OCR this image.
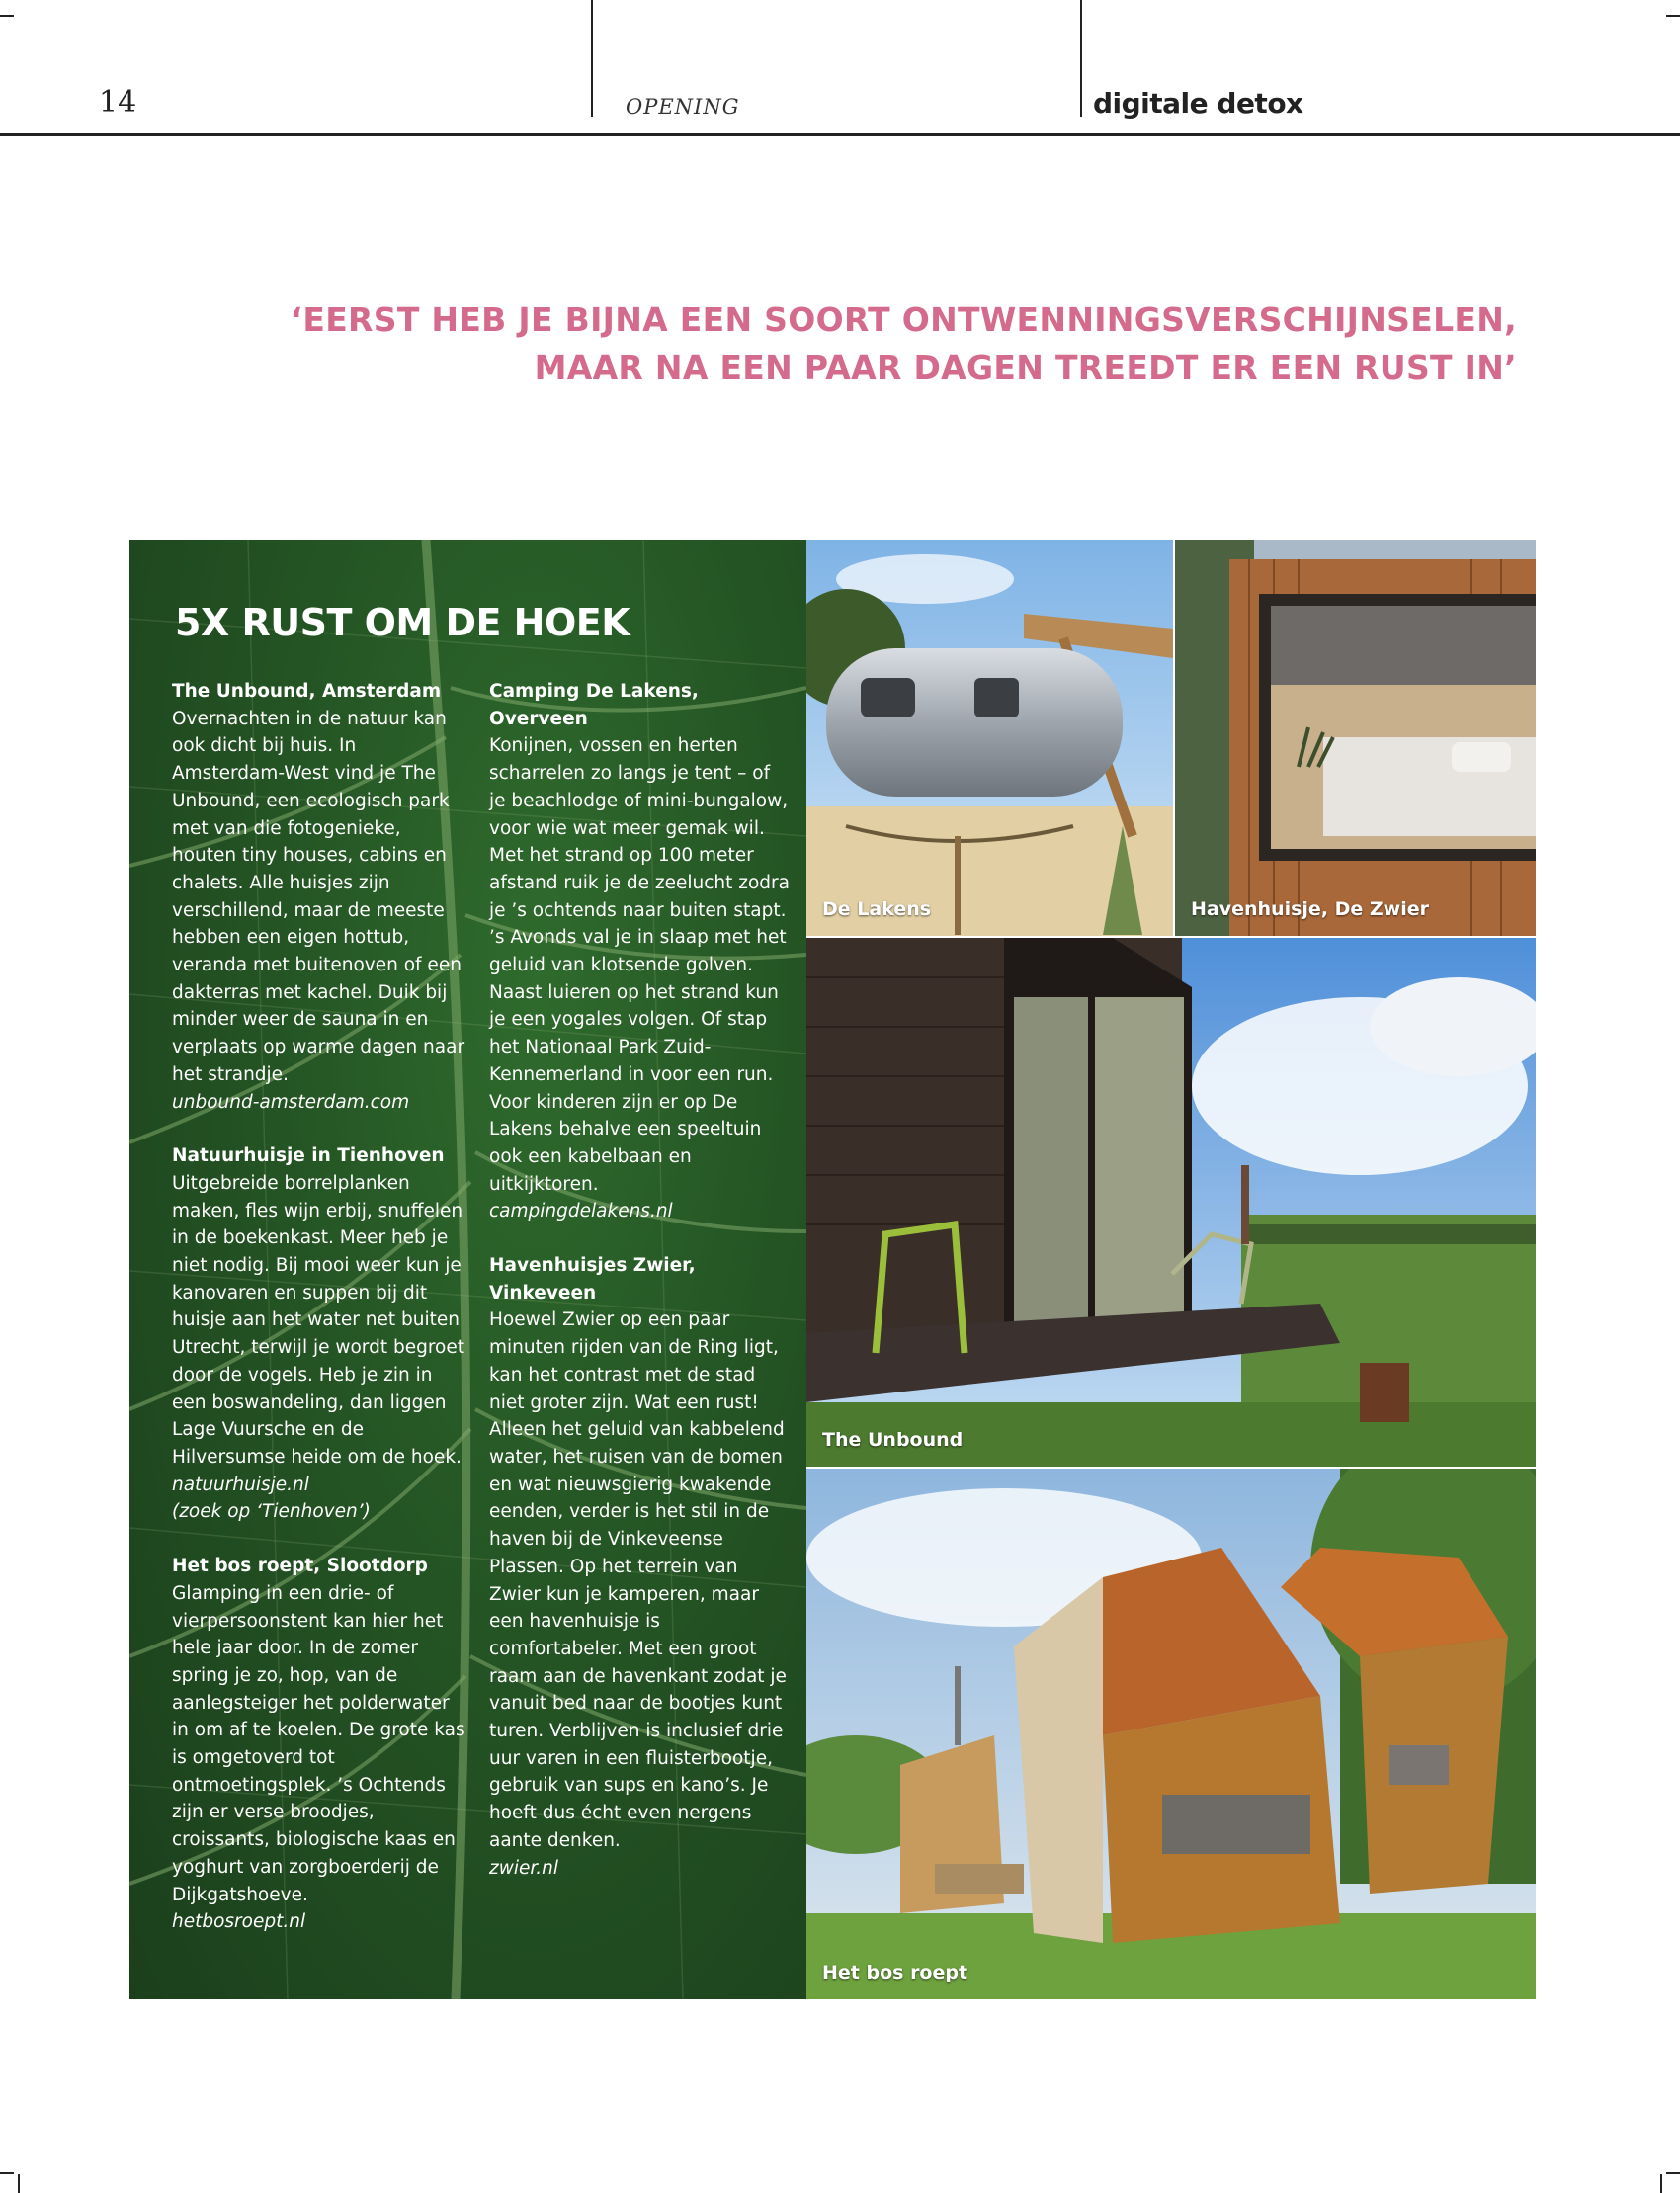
14	OPENING	digitale detox
‘EERST HEB JE BIJNA EEN SOORT ONTWENNINGSVERSCHIJNSELEN,
MAAR NA EEN PAAR DAGEN TREEDT ER EEN RUST IN’
5X RUST OM DE HOEK
The Unbound, Amsterdam
Overnachten in de natuur kan ook dicht bij huis. In Amsterdam-West vind je The Unbound, een ecologisch park met van die fotogenieke, houten tiny houses, cabins en chalets. Alle huisjes zijn verschillend, maar de meeste hebben een eigen hottub, veranda met buitenoven of een dakterras met kachel. Duik bij minder weer de sauna in en verplaats op warme dagen naar het strandje.
unbound-amsterdam.com
Natuurhuisje in Tienhoven
Uitgebreide borrelplanken maken, fles wijn erbij, snuffelen in de boekenkast. Meer heb je niet nodig. Bij mooi weer kun je kanovaren en suppen bij dit huisje aan het water net buiten Utrecht, terwijl je wordt begroet door de vogels. Heb je zin in een boswandeling, dan liggen Lage Vuursche en de Hilversumse heide om de hoek.
natuurhuisje.nl
(zoek op ‘Tienhoven’)
Het bos roept, Slootdorp
Glamping in een drie- of vierpersoonstent kan hier het hele jaar door. In de zomer spring je zo, hop, van de aanlegsteiger het polderwater in om af te koelen. De grote kas is omgetoverd tot ontmoetingsplek. ’s Ochtends zijn er verse broodjes, croissants, biologische kaas en yoghurt van zorgboerderij de Dijkgatshoeve.
hetbosroept.nl
Camping De Lakens, Overveen
Konijnen, vossen en herten scharrelen zo langs je tent – of je beachlodge of mini-bungalow, voor wie wat meer gemak wil. Met het strand op 100 meter afstand ruik je de zeelucht zodra je ’s ochtends naar buiten stapt. ’s Avonds val je in slaap met het geluid van klotsende golven. Naast luieren op het strand kun je een yogales volgen. Of stap het Nationaal Park Zuid-Kennemerland in voor een run. Voor kinderen zijn er op De Lakens behalve een speeltuin ook een kabelbaan en uitkijktoren.
campingdelakens.nl
Havenhuisjes Zwier, Vinkeveen
Hoewel Zwier op een paar minuten rijden van de Ring ligt, kan het contrast met de stad niet groter zijn. Wat een rust! Alleen het geluid van kabbelend water, het ruisen van de bomen en wat nieuwsgierig kwakende eenden, verder is het stil in de haven bij de Vinkeveense Plassen. Op het terrein van Zwier kun je kamperen, maar een havenhuisje is comfortabeler. Met een groot raam aan de havenkant zodat je vanuit bed naar de bootjes kunt turen. Verblijven is inclusief drie uur varen in een fluisterbootje, gebruik van sups en kano’s. Je hoeft dus écht even nergens aante denken.
zwier.nl
De Lakens	Havenhuisje, De Zwier
The Unbound
Het bos roept
